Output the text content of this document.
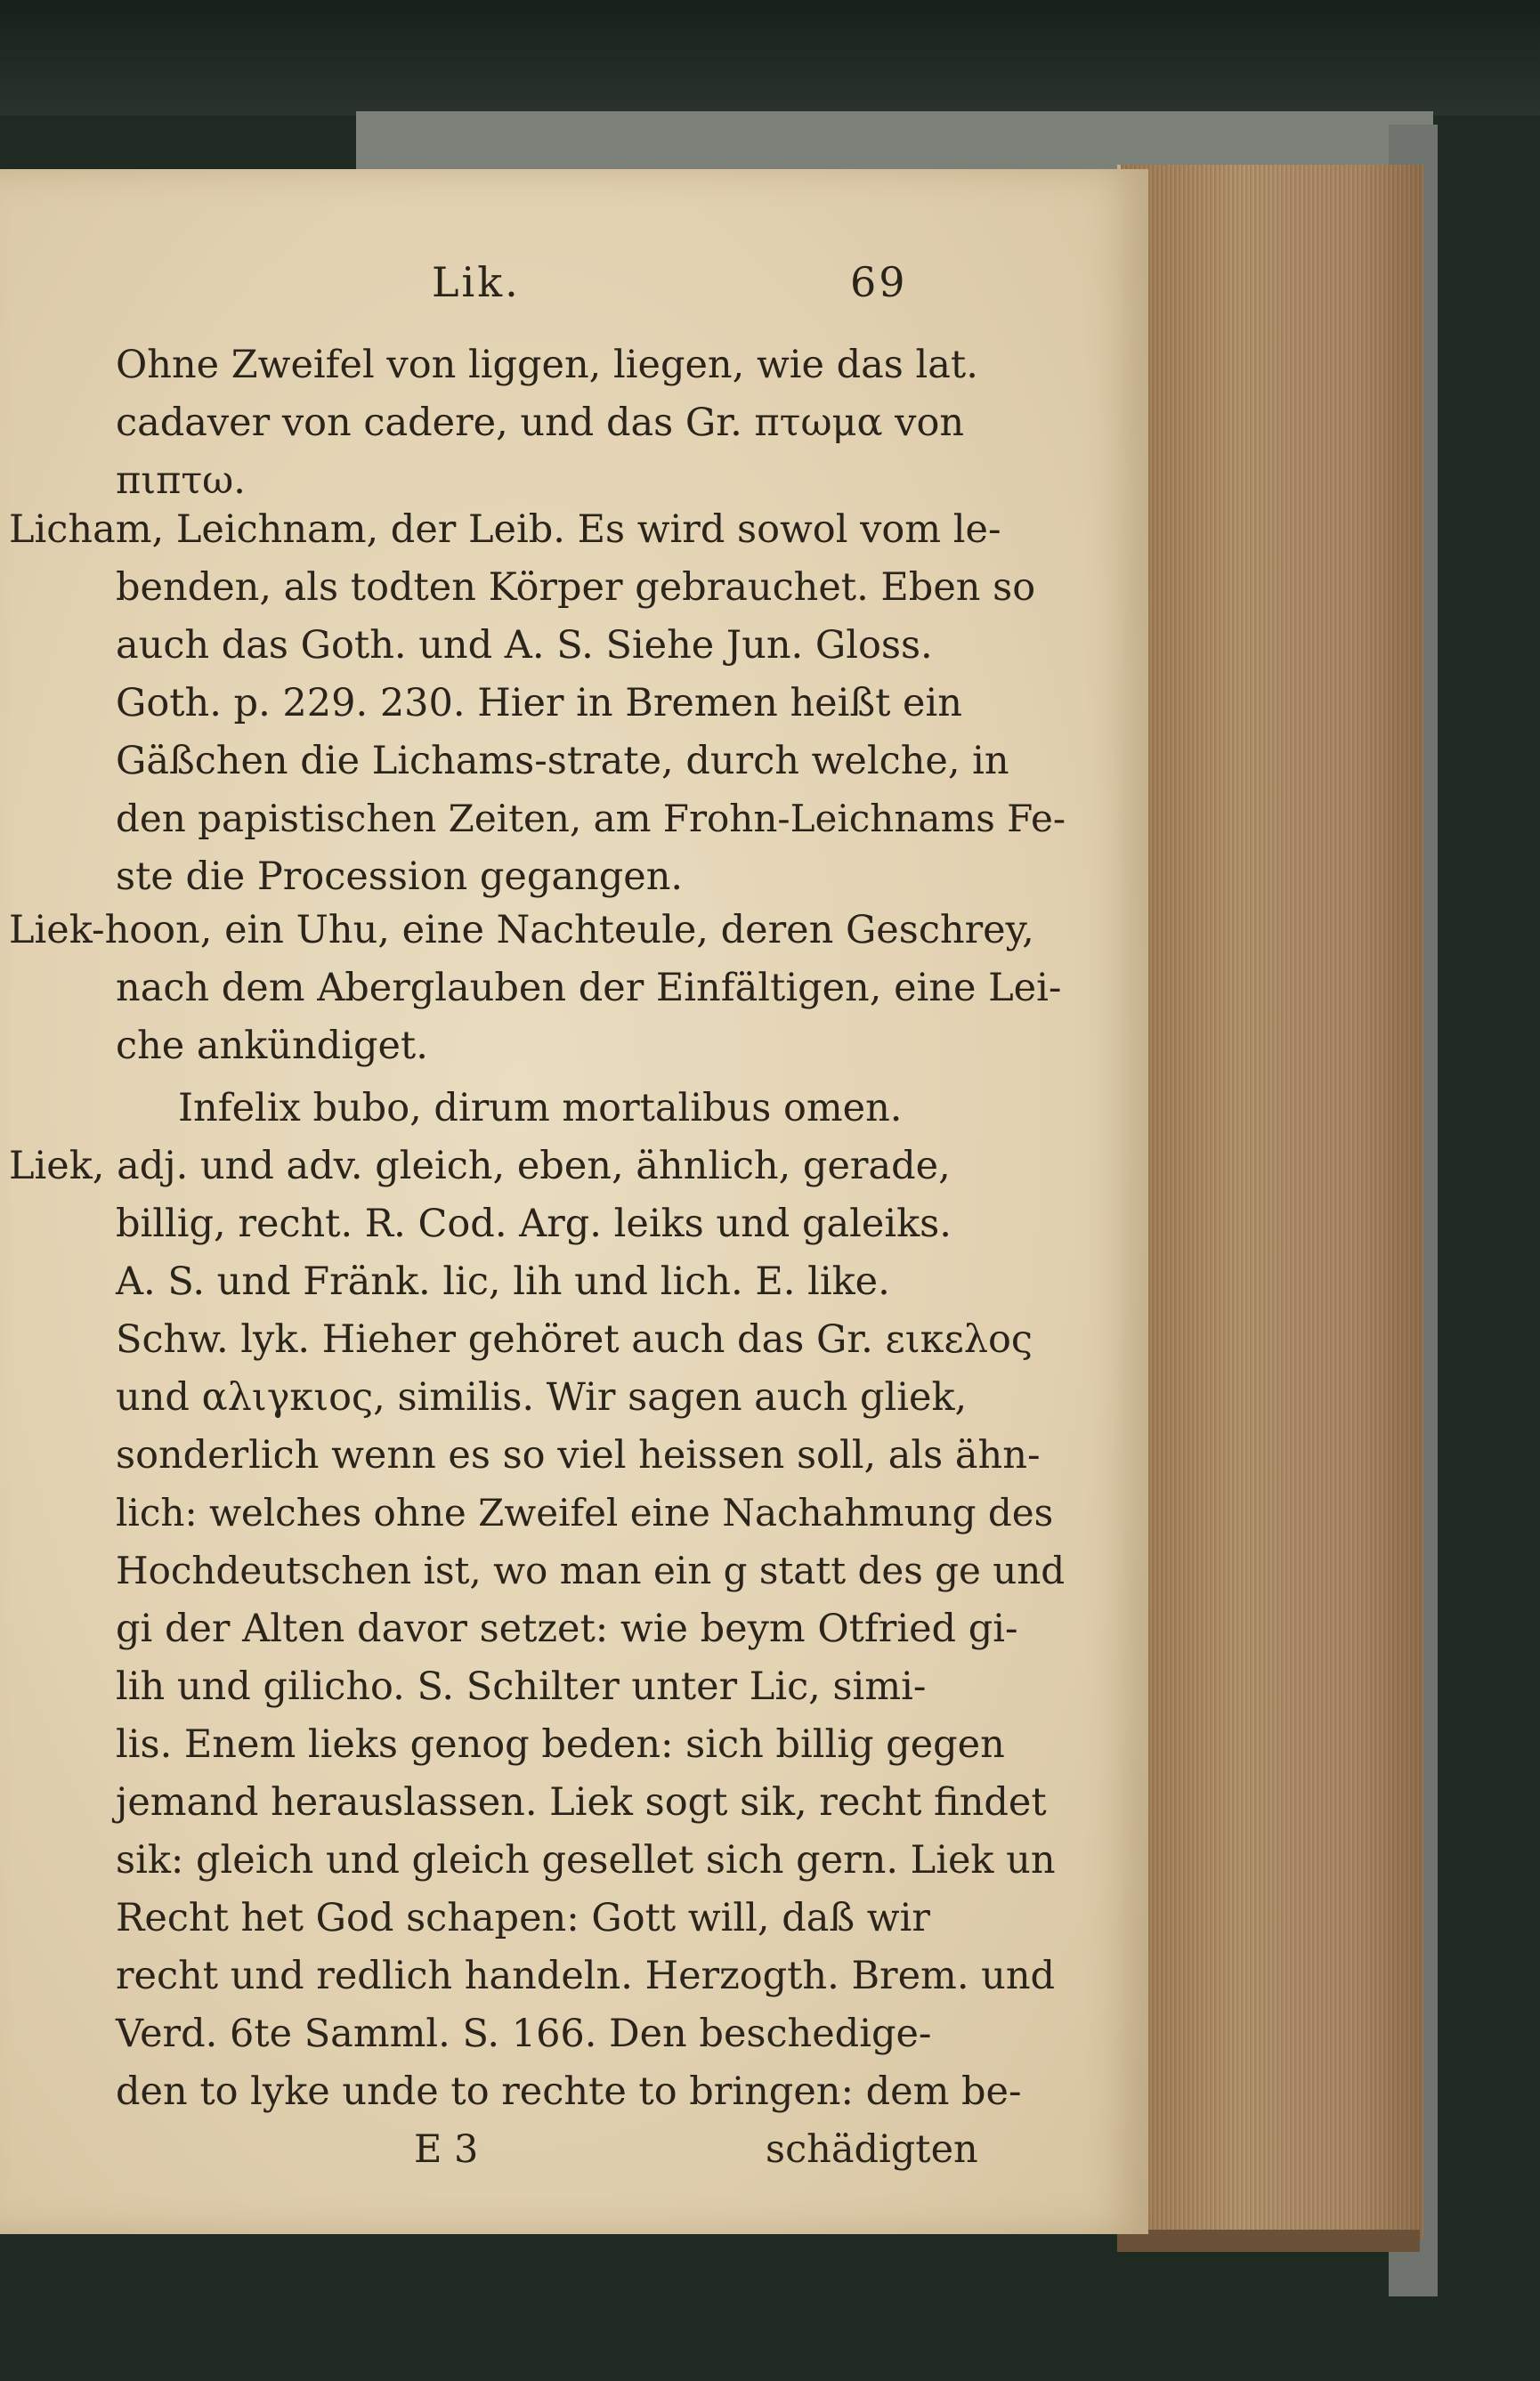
Lik.	69
Ohne Zweifel von liggen, liegen, wie das lat.
cadaver von cadere, und das Gr. πτωμα von
πιπτω.
Licham, Leichnam, der Leib. Es wird sowol vom le-
benden, als todten Körper gebrauchet. Eben so
auch das Goth. und A. S. Siehe Jun. Gloss.
Goth. p. 229. 230. Hier in Bremen heißt ein
Gäßchen die Lichams-strate, durch welche, in
den papistischen Zeiten, am Frohn-Leichnams Fe-
ste die Procession gegangen.
Liek-hoon, ein Uhu, eine Nachteule, deren Geschrey,
nach dem Aberglauben der Einfältigen, eine Lei-
che ankündiget.
Infelix bubo, dirum mortalibus omen.
Liek, adj. und adv. gleich, eben, ähnlich, gerade,
billig, recht. R. Cod. Arg. leiks und galeiks.
A. S. und Fränk. lic, lih und lich. E. like.
Schw. lyk. Hieher gehöret auch das Gr. εικελος
und αλιγκιος, similis. Wir sagen auch gliek,
sonderlich wenn es so viel heissen soll, als ähn-
lich: welches ohne Zweifel eine Nachahmung des
Hochdeutschen ist, wo man ein g statt des ge und
gi der Alten davor setzet: wie beym Otfried gi-
lih und gilicho. S. Schilter unter Lic, simi-
lis. Enem lieks genog beden: sich billig gegen
jemand herauslassen. Liek sogt sik, recht findet
sik: gleich und gleich gesellet sich gern. Liek un
Recht het God schapen: Gott will, daß wir
recht und redlich handeln. Herzogth. Brem. und
Verd. 6te Samml. S. 166. Den beschedige-
den to lyke unde to rechte to bringen: dem be-
E 3	schädigten
